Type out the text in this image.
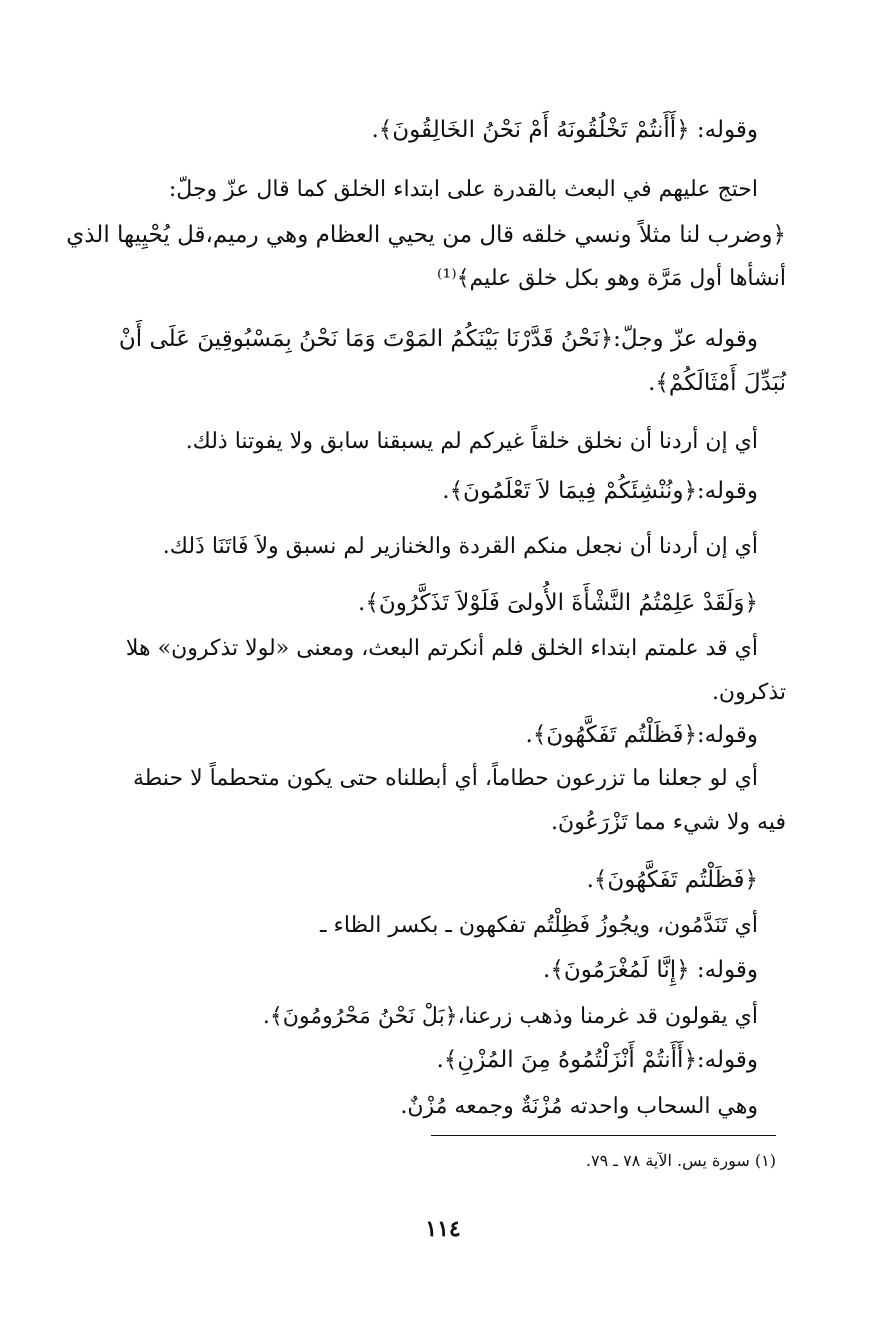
وقوله: ﴿أَأَنتُمْ تَخْلُقُونَهُ أَمْ نَحْنُ الخَالِقُونَ﴾.
احتج عليهم في البعث بالقدرة على ابتداء الخلق كما قال عزّ وجلّ:
﴿وضرب لنا مثلاً ونسي خلقه قال من يحيي العظام وهي رميم،قل يُحْيِيها الذي
أنشأها أول مَرَّة وهو بكل خلق عليم﴾⁽¹⁾
وقوله عزّ وجلّ:﴿نَحْنُ قَدَّرْنَا بَيْنَكُمُ المَوْتَ وَمَا نَحْنُ بِمَسْبُوقِينَ عَلَى أَنْ
نُبَدِّلَ أَمْثَالَكُمْ﴾.
أي إن أردنا أن نخلق خلقاً غيركم لم يسبقنا سابق ولا يفوتنا ذلك.
وقوله:﴿ونُنْشِئَكُمْ فِيمَا لاَ تَعْلَمُونَ﴾.
أي إن أردنا أن نجعل منكم القردة والخنازير لم نسبق ولاَ فَاتَنَا ذَلك.
﴿وَلَقَدْ عَلِمْتُمُ النَّشْأَةَ الأُولىَ فَلَوْلاَ تَذَكَّرُونَ﴾.
أي قد علمتم ابتداء الخلق فلم أنكرتم البعث، ومعنى «لولا تذكرون» هلا
تذكرون.
وقوله:﴿فَظَلْتُم تَفَكَّهُونَ﴾.
أي لو جعلنا ما تزرعون حطاماً، أي أبطلناه حتى يكون متحطماً لا حنطة
فيه ولا شيء مما تَزْرَعُونَ.
﴿فَظَلْتُم تَفَكَّهُونَ﴾.
أي تَنَدَّمُون، ويجُوزُ فَظِلْتُم تفكهون ـ بكسر الظاء ـ
وقوله: ﴿إِنَّا لَمُغْرَمُونَ﴾.
أي يقولون قد غرمنا وذهب زرعنا،﴿بَلْ نَحْنُ مَحْرُومُونَ﴾.
وقوله:﴿أَأَنتُمْ أَنْزَلْتُمُوهُ مِنَ المُزْنِ﴾.
وهي السحاب واحدته مُزْنَةٌ وجمعه مُزْنٌ.
(١) سورة يس. الآية ٧٨ ـ ٧٩.
١١٤
